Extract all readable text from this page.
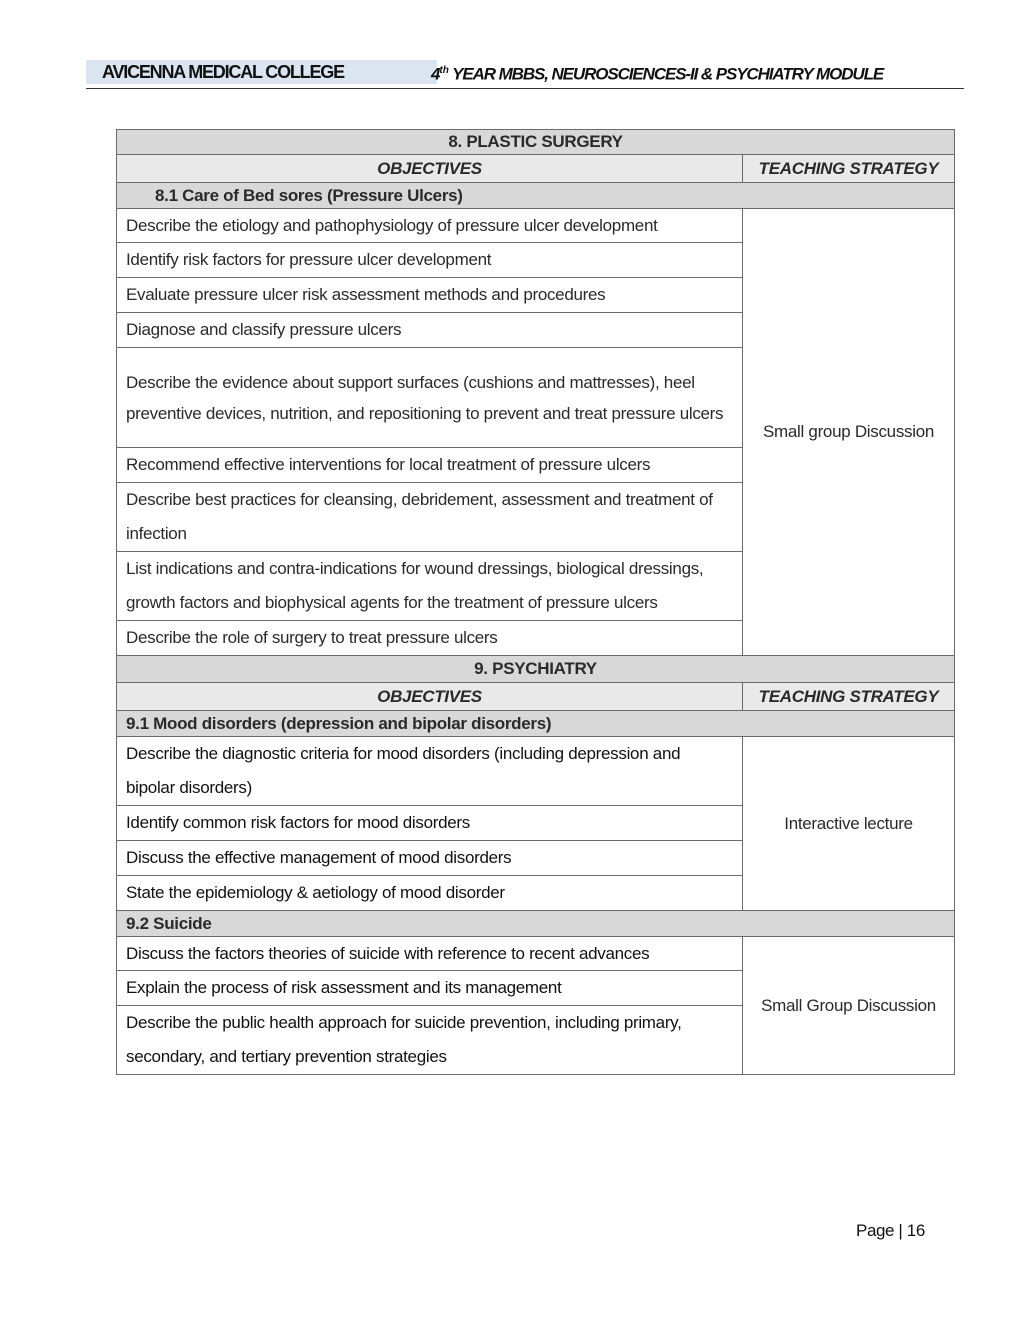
AVICENNA MEDICAL COLLEGE	4th YEAR MBBS, NEUROSCIENCES-II & PSYCHIATRY MODULE
8. PLASTIC SURGERY	
OBJECTIVES	TEACHING STRATEGY
8.1 Care of Bed sores (Pressure Ulcers)	
Describe the etiology and pathophysiology of pressure ulcer development	Small group Discussion
Identify risk factors for pressure ulcer development	
Evaluate pressure ulcer risk assessment methods and procedures	
Diagnose and classify pressure ulcers	
Describe the evidence about support surfaces (cushions and mattresses), heel preventive devices, nutrition, and repositioning to prevent and treat pressure ulcers	
Recommend effective interventions for local treatment of pressure ulcers	
Describe best practices for cleansing, debridement, assessment and treatment of infection	
List indications and contra-indications for wound dressings, biological dressings, growth factors and biophysical agents for the treatment of pressure ulcers	
Describe the role of surgery to treat pressure ulcers	
9. PSYCHIATRY	
OBJECTIVES	TEACHING STRATEGY
9.1 Mood disorders (depression and bipolar disorders)	
Describe the diagnostic criteria for mood disorders (including depression and bipolar disorders)	Interactive lecture
Identify common risk factors for mood disorders	
Discuss the effective management of mood disorders	
State the epidemiology & aetiology of mood disorder	
9.2 Suicide	
Discuss the factors theories of suicide with reference to recent advances	Small Group Discussion
Explain the process of risk assessment and its management	
Describe the public health approach for suicide prevention, including primary, secondary, and tertiary prevention strategies	
Page | 16
